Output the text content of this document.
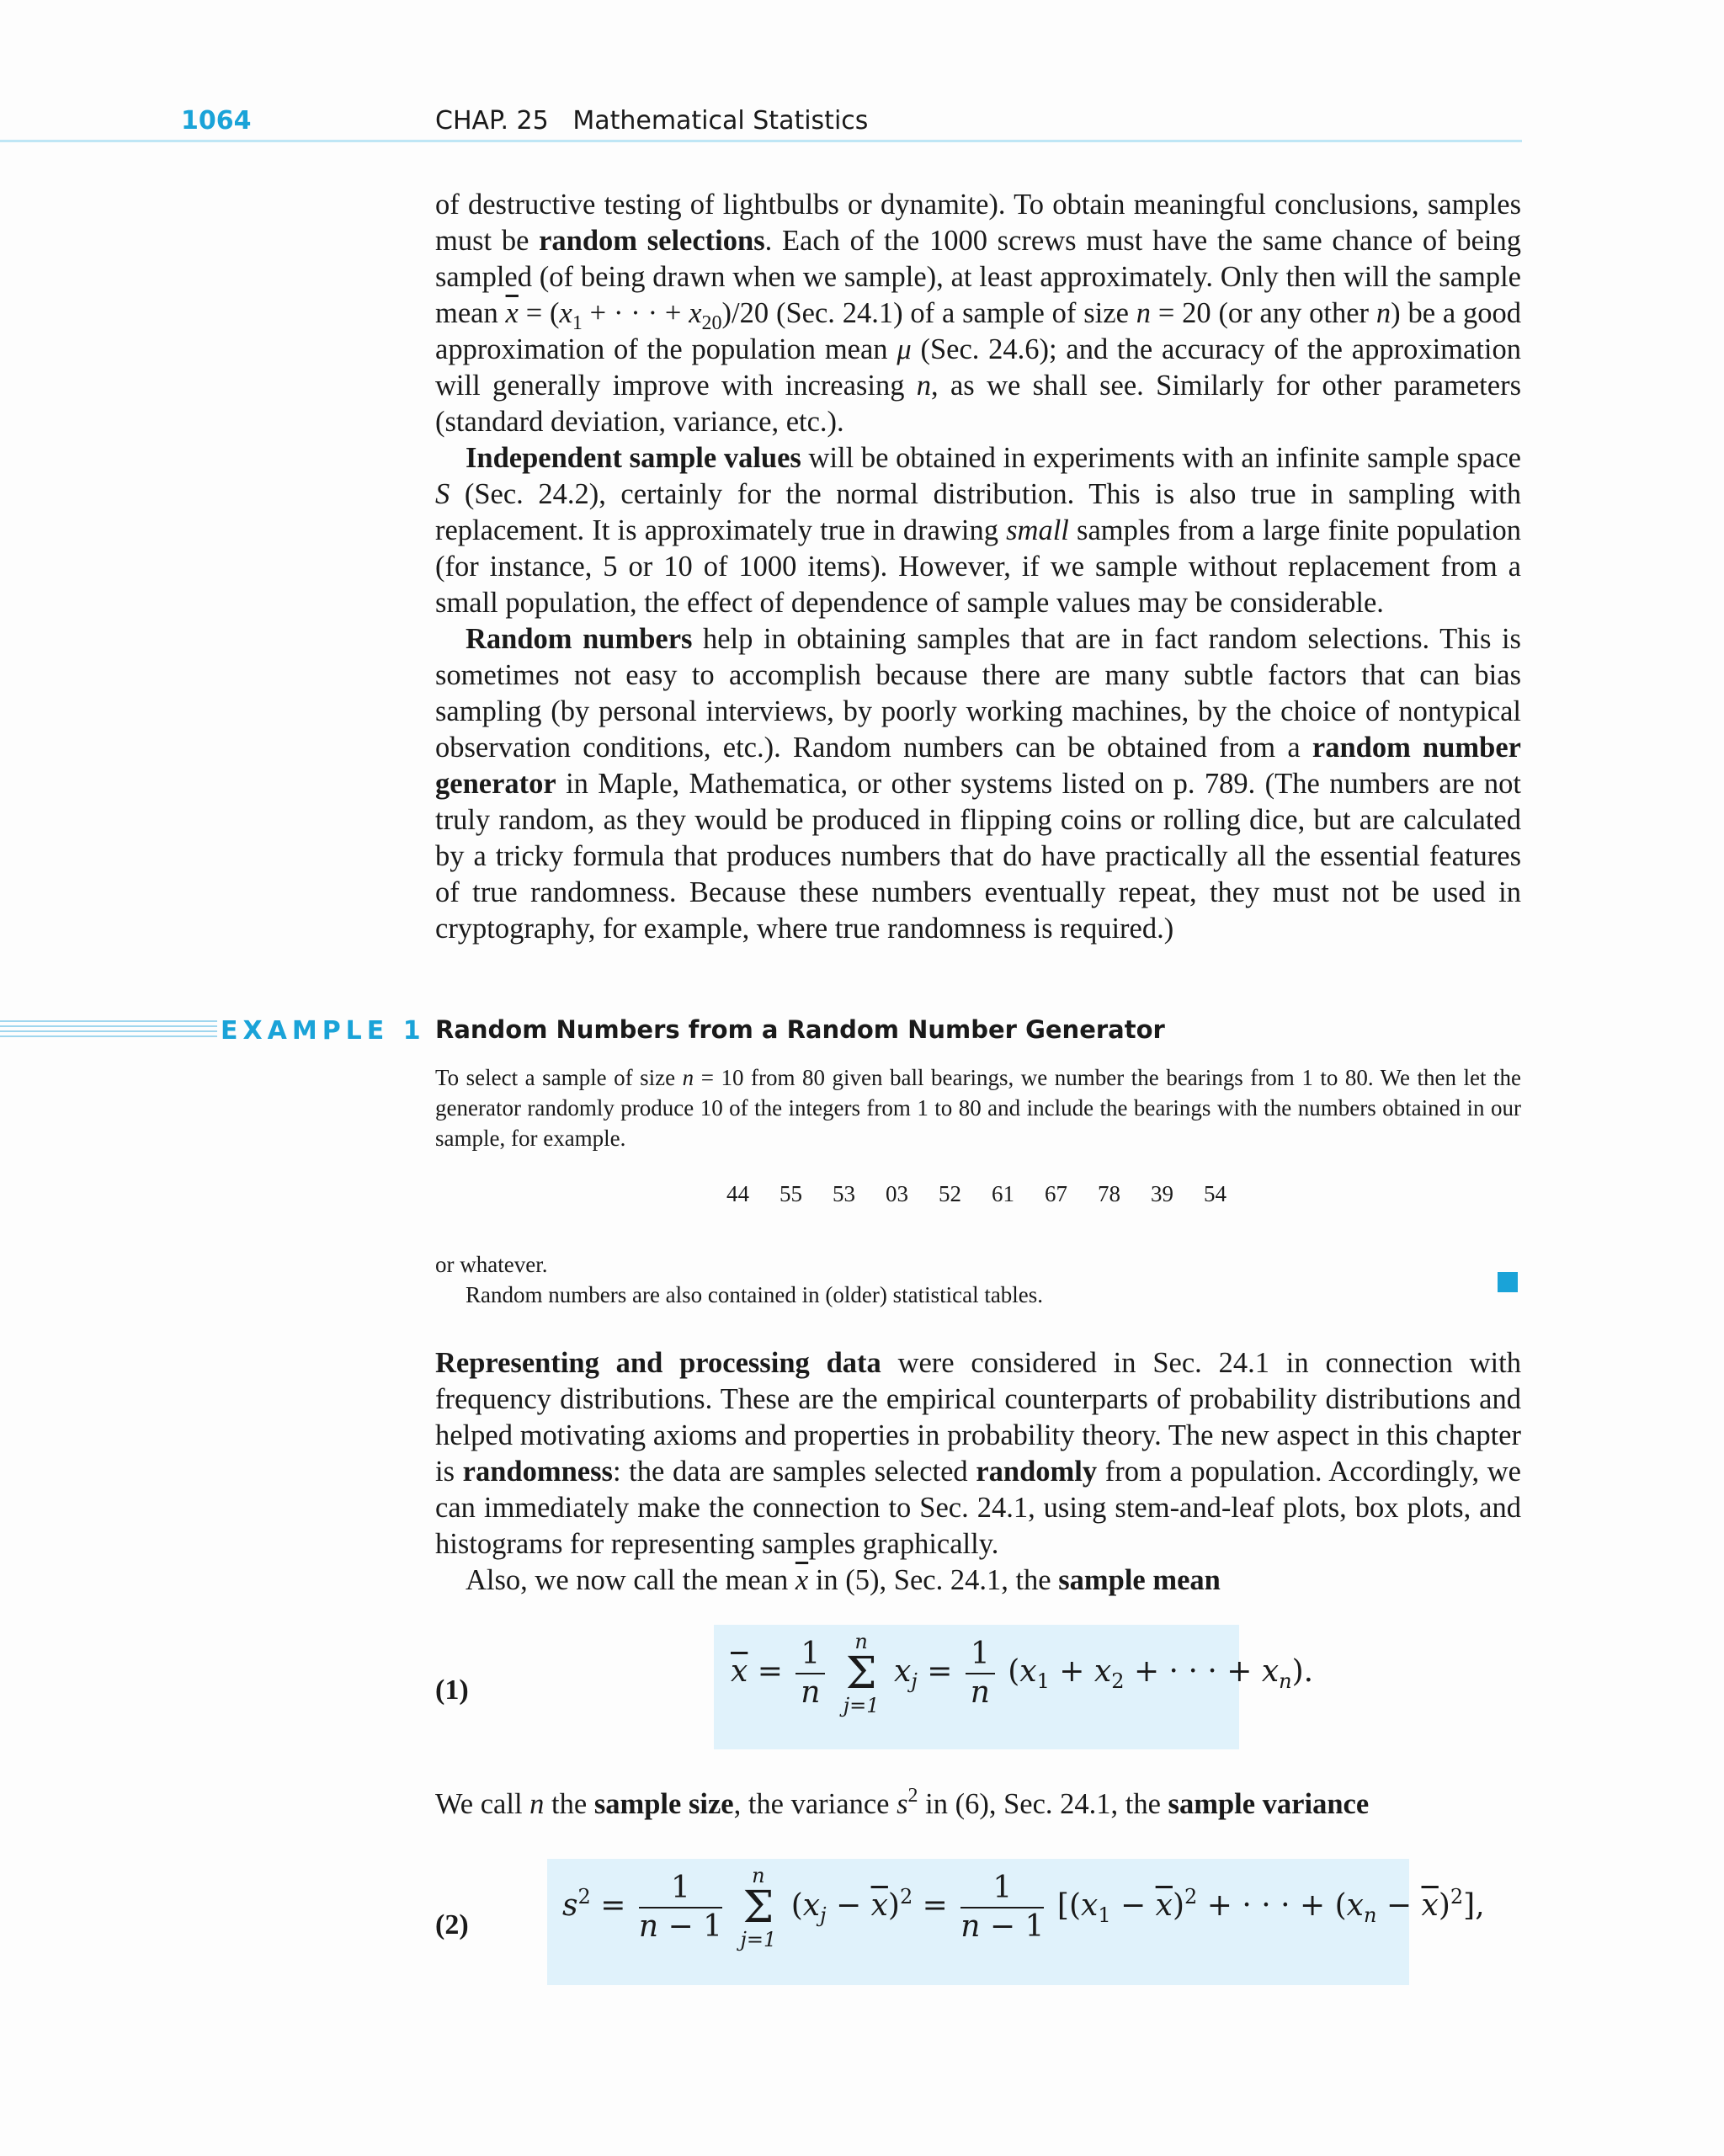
1064	CHAP. 25 Mathematical Statistics

of destructive testing of lightbulbs or dynamite). To obtain meaningful conclusions, samples must be random selections. Each of the 1000 screws must have the same chance of being sampled (of being drawn when we sample), at least approximately. Only then will the sample mean $\overline{x} = (x_1$ + · · · + $x_{20})/20$ (Sec. 24.1) of a sample of size n = 20 (or any other n) be a good approximation of the population mean μ (Sec. 24.6); and the accuracy of the approximation will generally improve with increasing n, as we shall see. Similarly for other parameters (standard deviation, variance, etc.).

Independent sample values will be obtained in experiments with an infinite sample space S (Sec. 24.2), certainly for the normal distribution. This is also true in sampling with replacement. It is approximately true in drawing small samples from a large finite population (for instance, 5 or 10 of 1000 items). However, if we sample without replacement from a small population, the effect of dependence of sample values may be considerable.

Random numbers help in obtaining samples that are in fact random selections. This is sometimes not easy to accomplish because there are many subtle factors that can bias sampling (by personal interviews, by poorly working machines, by the choice of nontypical observation conditions, etc.). Random numbers can be obtained from a random number generator in Maple, Mathematica, or other systems listed on p. 789. (The numbers are not truly random, as they would be produced in flipping coins or rolling dice, but are calculated by a tricky formula that produces numbers that do have practically all the essential features of true randomness. Because these numbers eventually repeat, they must not be used in cryptography, for example, where true randomness is required.)

EXAMPLE 1 Random Numbers from a Random Number Generator
To select a sample of size n = 10 from 80 given ball bearings, we number the bearings from 1 to 80. We then let the generator randomly produce 10 of the integers from 1 to 80 and include the bearings with the numbers obtained in our sample, for example.
44 55 53 03 52 61 67 78 39 54
or whatever.
Random numbers are also contained in (older) statistical tables.

Representing and processing data were considered in Sec. 24.1 in connection with frequency distributions. These are the empirical counterparts of probability distributions and helped motivating axioms and properties in probability theory. The new aspect in this chapter is randomness: the data are samples selected randomly from a population. Accordingly, we can immediately make the connection to Sec. 24.1, using stem-and-leaf plots, box plots, and histograms for representing samples graphically.

Also, we now call the mean $\overline{x}$ in (5), Sec. 24.1, the sample mean

(1)
$\overline{x} = \frac{1}{n}$
	n
Σ
j=1
$x_j = \frac{1}{n} (x_1 + x_2$ + · · · + $x_n$).

We call n the sample size, the variance $s^2$ in (6), Sec. 24.1, the sample variance

(2)
$s^2 = \frac{1}{n - 1}$
	n
Σ
j=1
$(x_j - \overline{x})^2 = \frac{1}{n - 1} [(x_1 - \overline{x})^2$ + · · · + $(x_n - \overline{x})^2$],
